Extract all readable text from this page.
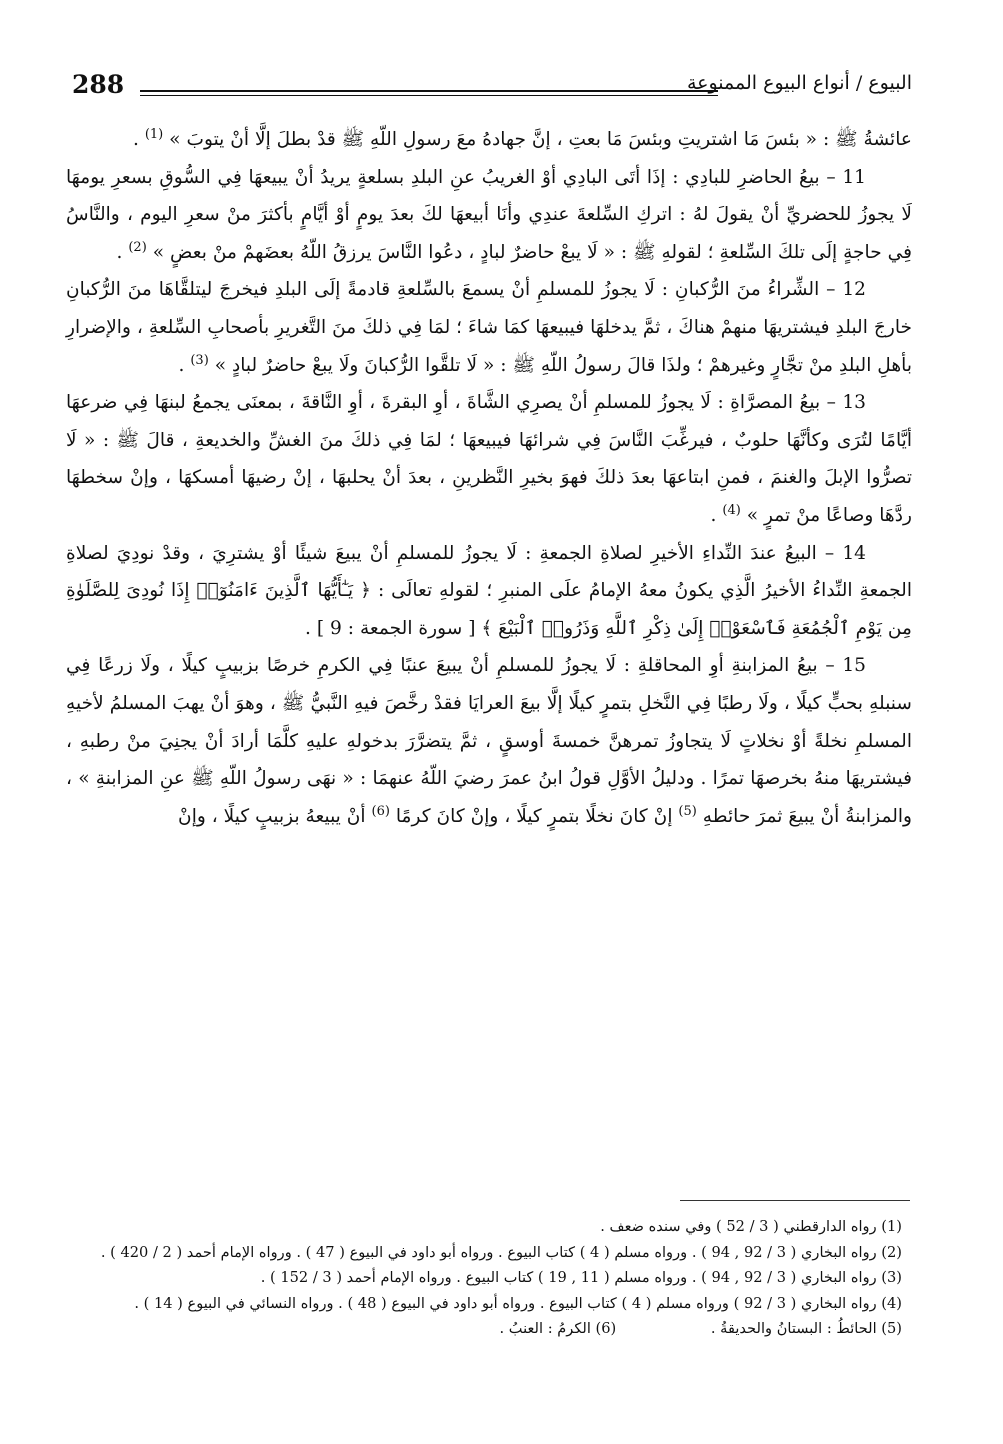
288	البيوع / أنواع البيوع الممنوعة

عائشةُ ﷺ : « بئسَ مَا اشتريتِ وبئسَ مَا بعتِ ، إنَّ جهادهُ معَ رسولِ اللّهِ ﷺ قدْ بطلَ إلَّا أنْ يتوبَ » $^{(1)}$ .

11 – بيعُ الحاضرِ للبادِي : إذَا أتَى البادِي أوْ الغريبُ عنِ البلدِ بسلعةٍ يريدُ أنْ يبيعهَا فِي السُّوقِ بسعرِ يومهَا لَا يجوزُ للحضريِّ أنْ يقولَ لهُ : اتركِ السِّلعةَ عندِي وأنَا أبيعهَا لكَ بعدَ يومٍ أوْ أيَّامٍ بأكثرَ منْ سعرِ اليوم ، والنَّاسُ فِي حاجةٍ إلَى تلكَ السِّلعةِ ؛ لقولهِ ﷺ : « لَا يبعْ حاضرٌ لبادٍ ، دعُوا النَّاسَ يرزقُ اللّهُ بعضَهمْ منْ بعضٍ » $^{(2)}$ .

12 – الشِّراءُ منَ الرُّكبانِ : لَا يجوزُ للمسلمِ أنْ يسمعَ بالسِّلعةِ قادمةً إلَى البلدِ فيخرجَ ليتلقَّاهَا منَ الرُّكبانِ خارجَ البلدِ فيشتريهَا منهمْ هناكَ ، ثمَّ يدخلهَا فيبيعهَا كمَا شاءَ ؛ لمَا فِي ذلكَ منَ التَّغريرِ بأصحابِ السِّلعةِ ، والإضرارِ بأهلِ البلدِ منْ تجَّارٍ وغيرهمْ ؛ ولذَا قالَ رسولُ اللّهِ ﷺ : « لَا تلقَّوا الرُّكبانَ ولَا يبعْ حاضرٌ لبادٍ » $^{(3)}$ .

13 – بيعُ المصرَّاةِ : لَا يجوزُ للمسلمِ أنْ يصرِي الشَّاةَ ، أوِ البقرةَ ، أوِ النَّاقةَ ، بمعنَى يجمعُ لبنهَا فِي ضرعهَا أيَّامًا لتُرَى وكأنَّهَا حلوبٌ ، فيرغِّبَ النَّاسَ فِي شرائهَا فيبيعهَا ؛ لمَا فِي ذلكَ منَ الغشِّ والخديعةِ ، قالَ ﷺ : « لَا تصرُّوا الإبلَ والغنمَ ، فمنِ ابتاعهَا بعدَ ذلكَ فهوَ بخيرِ النَّظرينِ ، بعدَ أنْ يحلبهَا ، إنْ رضيهَا أمسكهَا ، وإنْ سخطهَا ردَّهَا وصاعًا منْ تمرٍ » $^{(4)}$ .

14 – البيعُ عندَ النِّداءِ الأخيرِ لصلاةِ الجمعةِ : لَا يجوزُ للمسلمِ أنْ يبيعَ شيئًا أوْ يشترِيَ ، وقدْ نودِيَ لصلاةِ الجمعةِ النِّداءُ الأخيرُ الَّذِي يكونُ معهُ الإمامُ علَى المنبرِ ؛ لقولهِ تعالَى : ﴿ يَـٰٓأَيُّهَا ٱلَّذِينَ ءَامَنُوٓا۟ إِذَا نُودِىَ لِلصَّلَوٰةِ مِن يَوْمِ ٱلْجُمُعَةِ فَٱسْعَوْا۟ إِلَىٰ ذِكْرِ ٱللَّهِ وَذَرُوا۟ ٱلْبَيْعَ ﴾ [ سورة الجمعة : 9 ] .

15 – بيعُ المزابنةِ أوِ المحاقلةِ : لَا يجوزُ للمسلمِ أنْ يبيعَ عنبًا فِي الكرمِ خرصًا بزبيبٍ كيلًا ، ولَا زرعًا فِي سنبلهِ بحبٍّ كيلًا ، ولَا رطبًا فِي النَّخلِ بتمرٍ كيلًا إلَّا بيعَ العرايَا فقدْ رخَّصَ فيهِ النَّبيُّ ﷺ ، وهوَ أنْ يهبَ المسلمُ لأخيهِ المسلمِ نخلةً أوْ نخلاتٍ لَا يتجاوزُ تمرهنَّ خمسةَ أوسقٍ ، ثمَّ يتضرَّرَ بدخولهِ عليهِ كلَّمَا أرادَ أنْ يجنِيَ منْ رطبهِ ، فيشتريهَا منهُ بخرصهَا تمرًا . ودليلُ الأوَّلِ قولُ ابنُ عمرَ رضيَ اللّهُ عنهمَا : « نهَى رسولُ اللّهِ ﷺ عنِ المزابنةِ » ، والمزابنةُ أنْ يبيعَ ثمرَ حائطهِ $^{(5)}$ إنْ كانَ نخلًا بتمرٍ كيلًا ، وإنْ كانَ كرمًا $^{(6)}$ أنْ يبيعهُ بزبيبٍ كيلًا ، وإنْ

(1) رواه الدارقطني ( 3 / 52 ) وفي سنده ضعف .
(2) رواه البخاري ( 3 / 92 , 94 ) . ورواه مسلم ( 4 ) كتاب البيوع . ورواه أبو داود في البيوع ( 47 ) . ورواه الإمام أحمد ( 2 / 420 ) .
(3) رواه البخاري ( 3 / 92 , 94 ) . ورواه مسلم ( 11 , 19 ) كتاب البيوع . ورواه الإمام أحمد ( 3 / 152 ) .
(4) رواه البخاري ( 3 / 92 ) ورواه مسلم ( 4 ) كتاب البيوع . ورواه أبو داود في البيوع ( 48 ) . ورواه النسائي في البيوع ( 14 ) .
(5) الحائطُ : البستانُ والحديقةُ . (6) الكرمُ : العنبُ .
